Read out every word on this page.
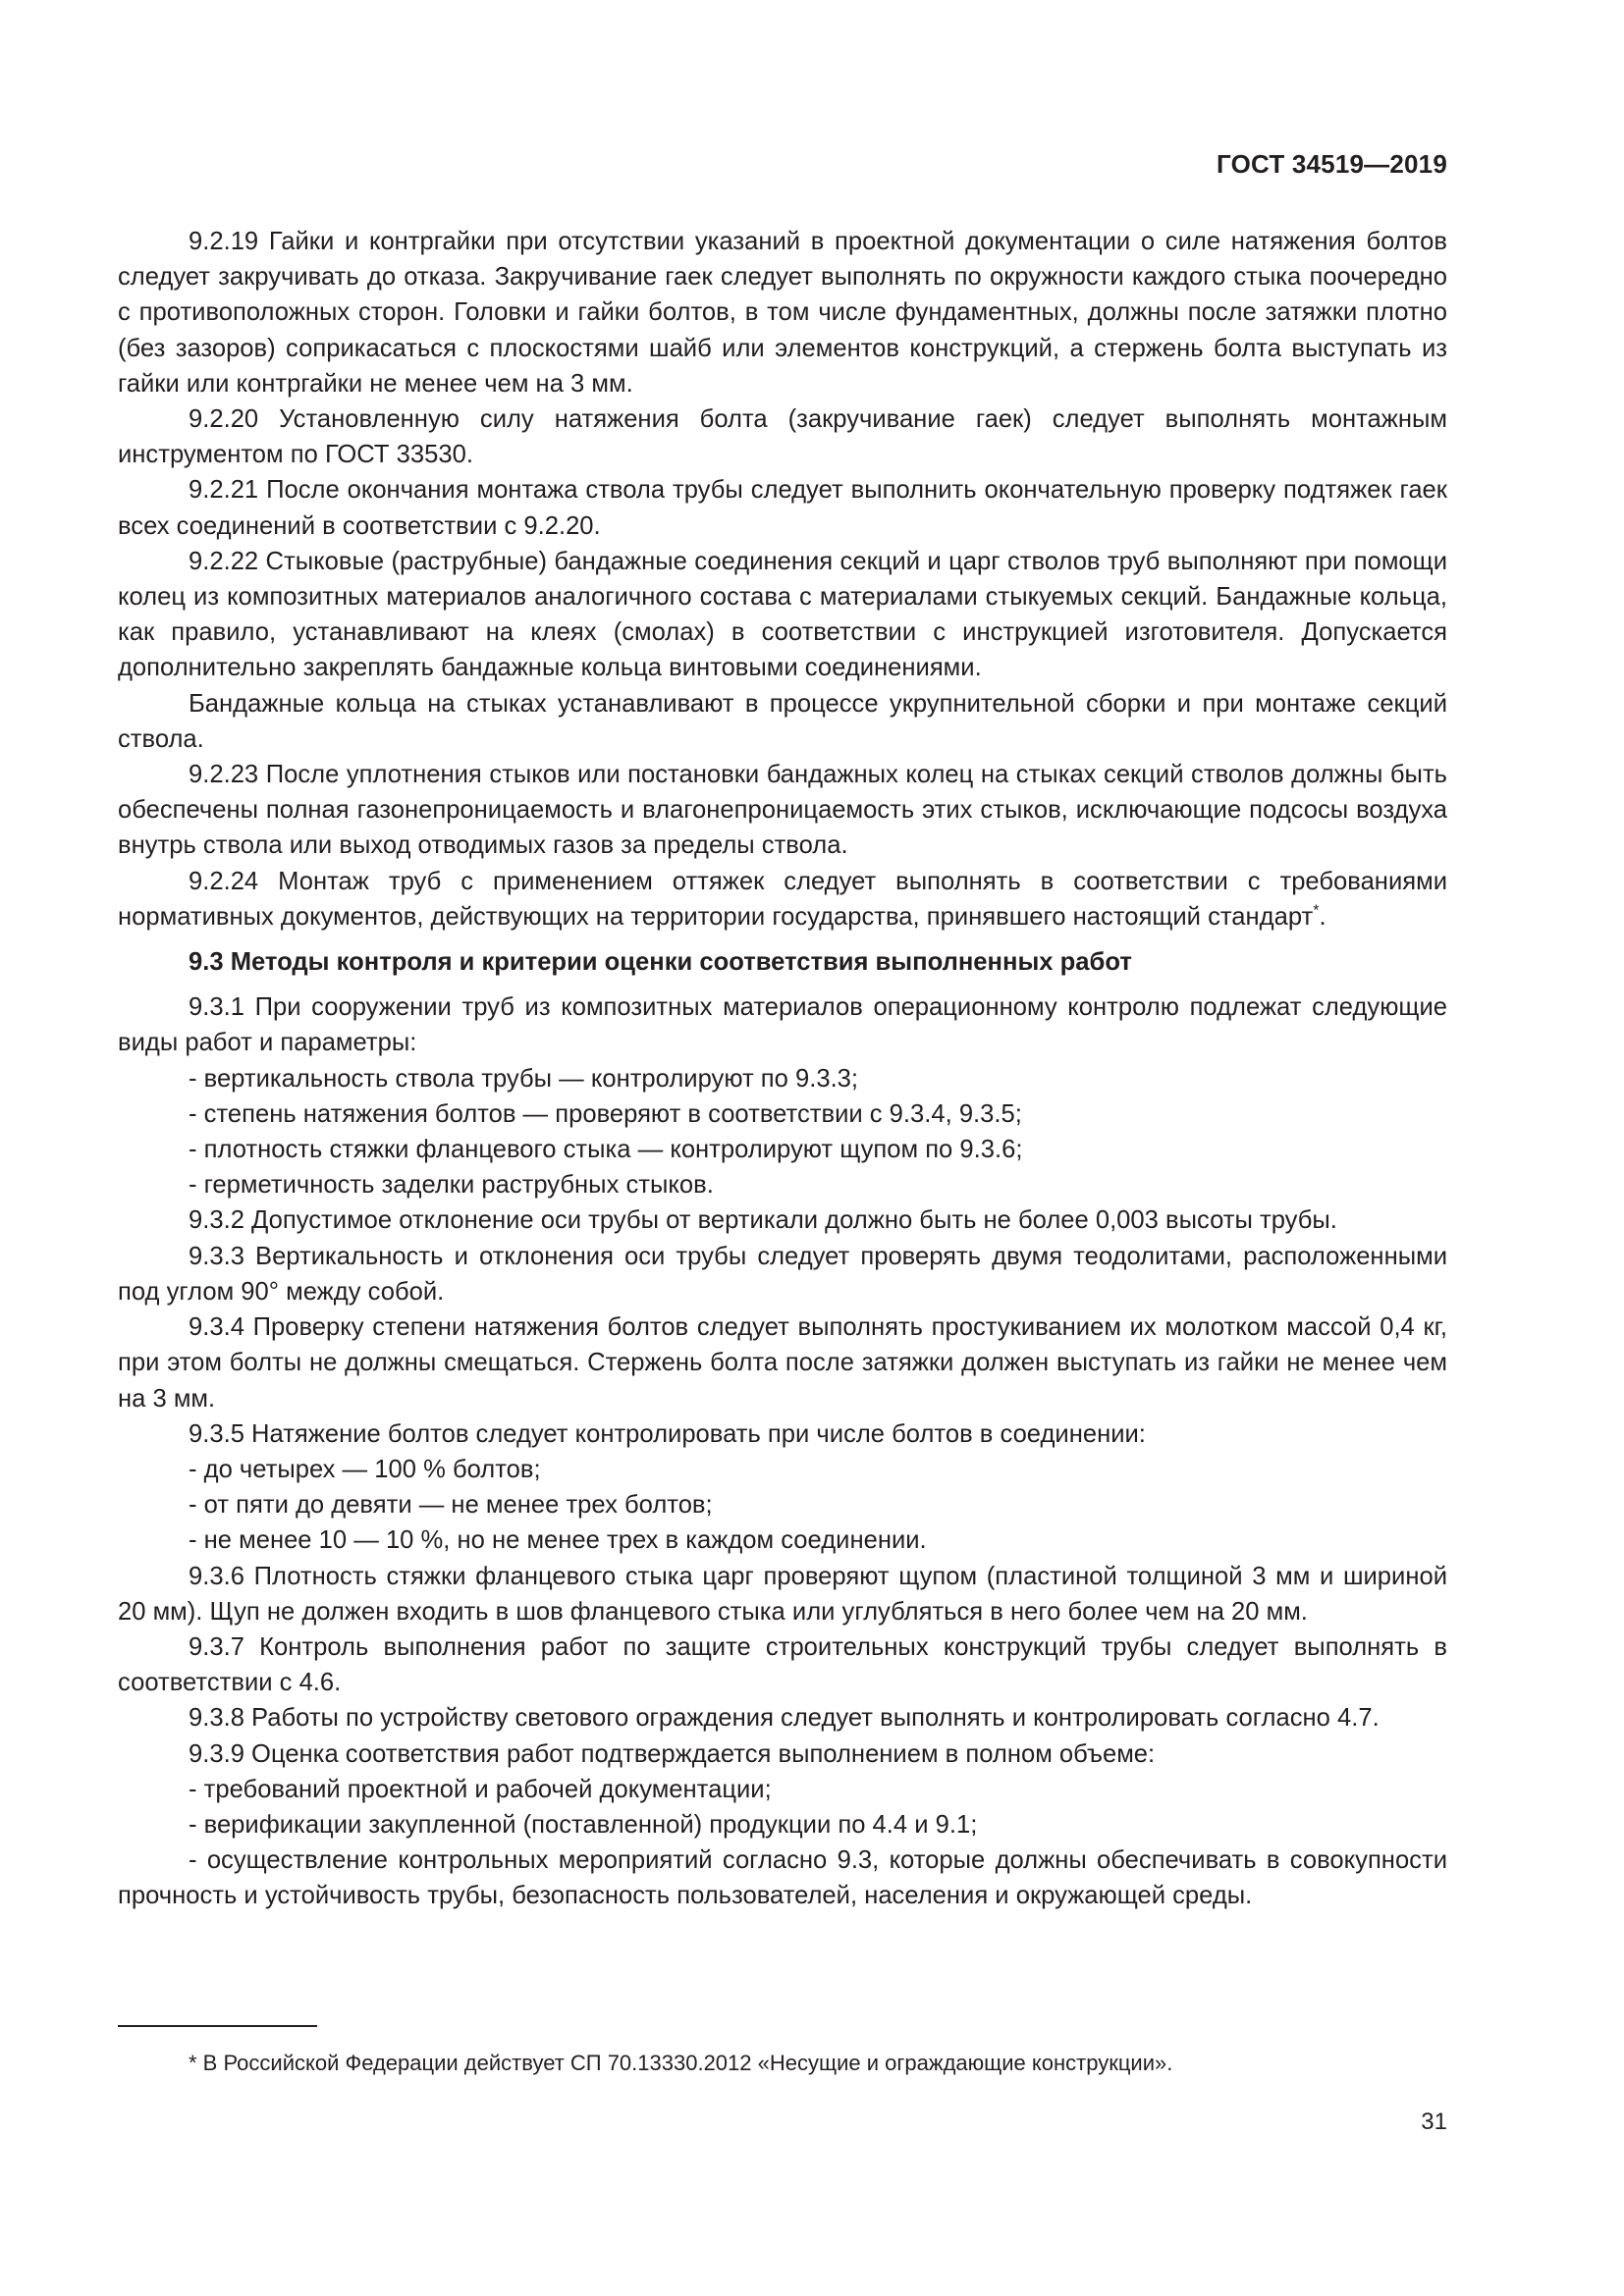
ГОСТ 34519—2019

9.2.19 Гайки и контргайки при отсутствии указаний в проектной документации о силе натяжения болтов следует закручивать до отказа. Закручивание гаек следует выполнять по окружности каждого стыка поочередно с противоположных сторон. Головки и гайки болтов, в том числе фундаментных, должны после затяжки плотно (без зазоров) соприкасаться с плоскостями шайб или элементов конструкций, а стержень болта выступать из гайки или контргайки не менее чем на 3 мм.

9.2.20 Установленную силу натяжения болта (закручивание гаек) следует выполнять монтажным инструментом по ГОСТ 33530.

9.2.21 После окончания монтажа ствола трубы следует выполнить окончательную проверку подтяжек гаек всех соединений в соответствии с 9.2.20.

9.2.22 Стыковые (раструбные) бандажные соединения секций и царг стволов труб выполняют при помощи колец из композитных материалов аналогичного состава с материалами стыкуемых секций. Бандажные кольца, как правило, устанавливают на клеях (смолах) в соответствии с инструкцией изготовителя. Допускается дополнительно закреплять бандажные кольца винтовыми соединениями.

Бандажные кольца на стыках устанавливают в процессе укрупнительной сборки и при монтаже секций ствола.

9.2.23 После уплотнения стыков или постановки бандажных колец на стыках секций стволов должны быть обеспечены полная газонепроницаемость и влагонепроницаемость этих стыков, исключающие подсосы воздуха внутрь ствола или выход отводимых газов за пределы ствола.

9.2.24 Монтаж труб с применением оттяжек следует выполнять в соответствии с требованиями нормативных документов, действующих на территории государства, принявшего настоящий стандарт*.

9.3 Методы контроля и критерии оценки соответствия выполненных работ

9.3.1 При сооружении труб из композитных материалов операционному контролю подлежат следующие виды работ и параметры:

- вертикальность ствола трубы — контролируют по 9.3.3;

- степень натяжения болтов — проверяют в соответствии с 9.3.4, 9.3.5;

- плотность стяжки фланцевого стыка — контролируют щупом по 9.3.6;

- герметичность заделки раструбных стыков.

9.3.2 Допустимое отклонение оси трубы от вертикали должно быть не более 0,003 высоты трубы.

9.3.3 Вертикальность и отклонения оси трубы следует проверять двумя теодолитами, расположенными под углом 90° между собой.

9.3.4 Проверку степени натяжения болтов следует выполнять простукиванием их молотком массой 0,4 кг, при этом болты не должны смещаться. Стержень болта после затяжки должен выступать из гайки не менее чем на 3 мм.

9.3.5 Натяжение болтов следует контролировать при числе болтов в соединении:

- до четырех — 100 % болтов;

- от пяти до девяти — не менее трех болтов;

- не менее 10 — 10 %, но не менее трех в каждом соединении.

9.3.6 Плотность стяжки фланцевого стыка царг проверяют щупом (пластиной толщиной 3 мм и шириной 20 мм). Щуп не должен входить в шов фланцевого стыка или углубляться в него более чем на 20 мм.

9.3.7 Контроль выполнения работ по защите строительных конструкций трубы следует выполнять в соответствии с 4.6.

9.3.8 Работы по устройству светового ограждения следует выполнять и контролировать согласно 4.7.

9.3.9 Оценка соответствия работ подтверждается выполнением в полном объеме:

- требований проектной и рабочей документации;

- верификации закупленной (поставленной) продукции по 4.4 и 9.1;

- осуществление контрольных мероприятий согласно 9.3, которые должны обеспечивать в совокупности прочность и устойчивость трубы, безопасность пользователей, населения и окружающей среды.

* В Российской Федерации действует СП 70.13330.2012 «Несущие и ограждающие конструкции».
31
